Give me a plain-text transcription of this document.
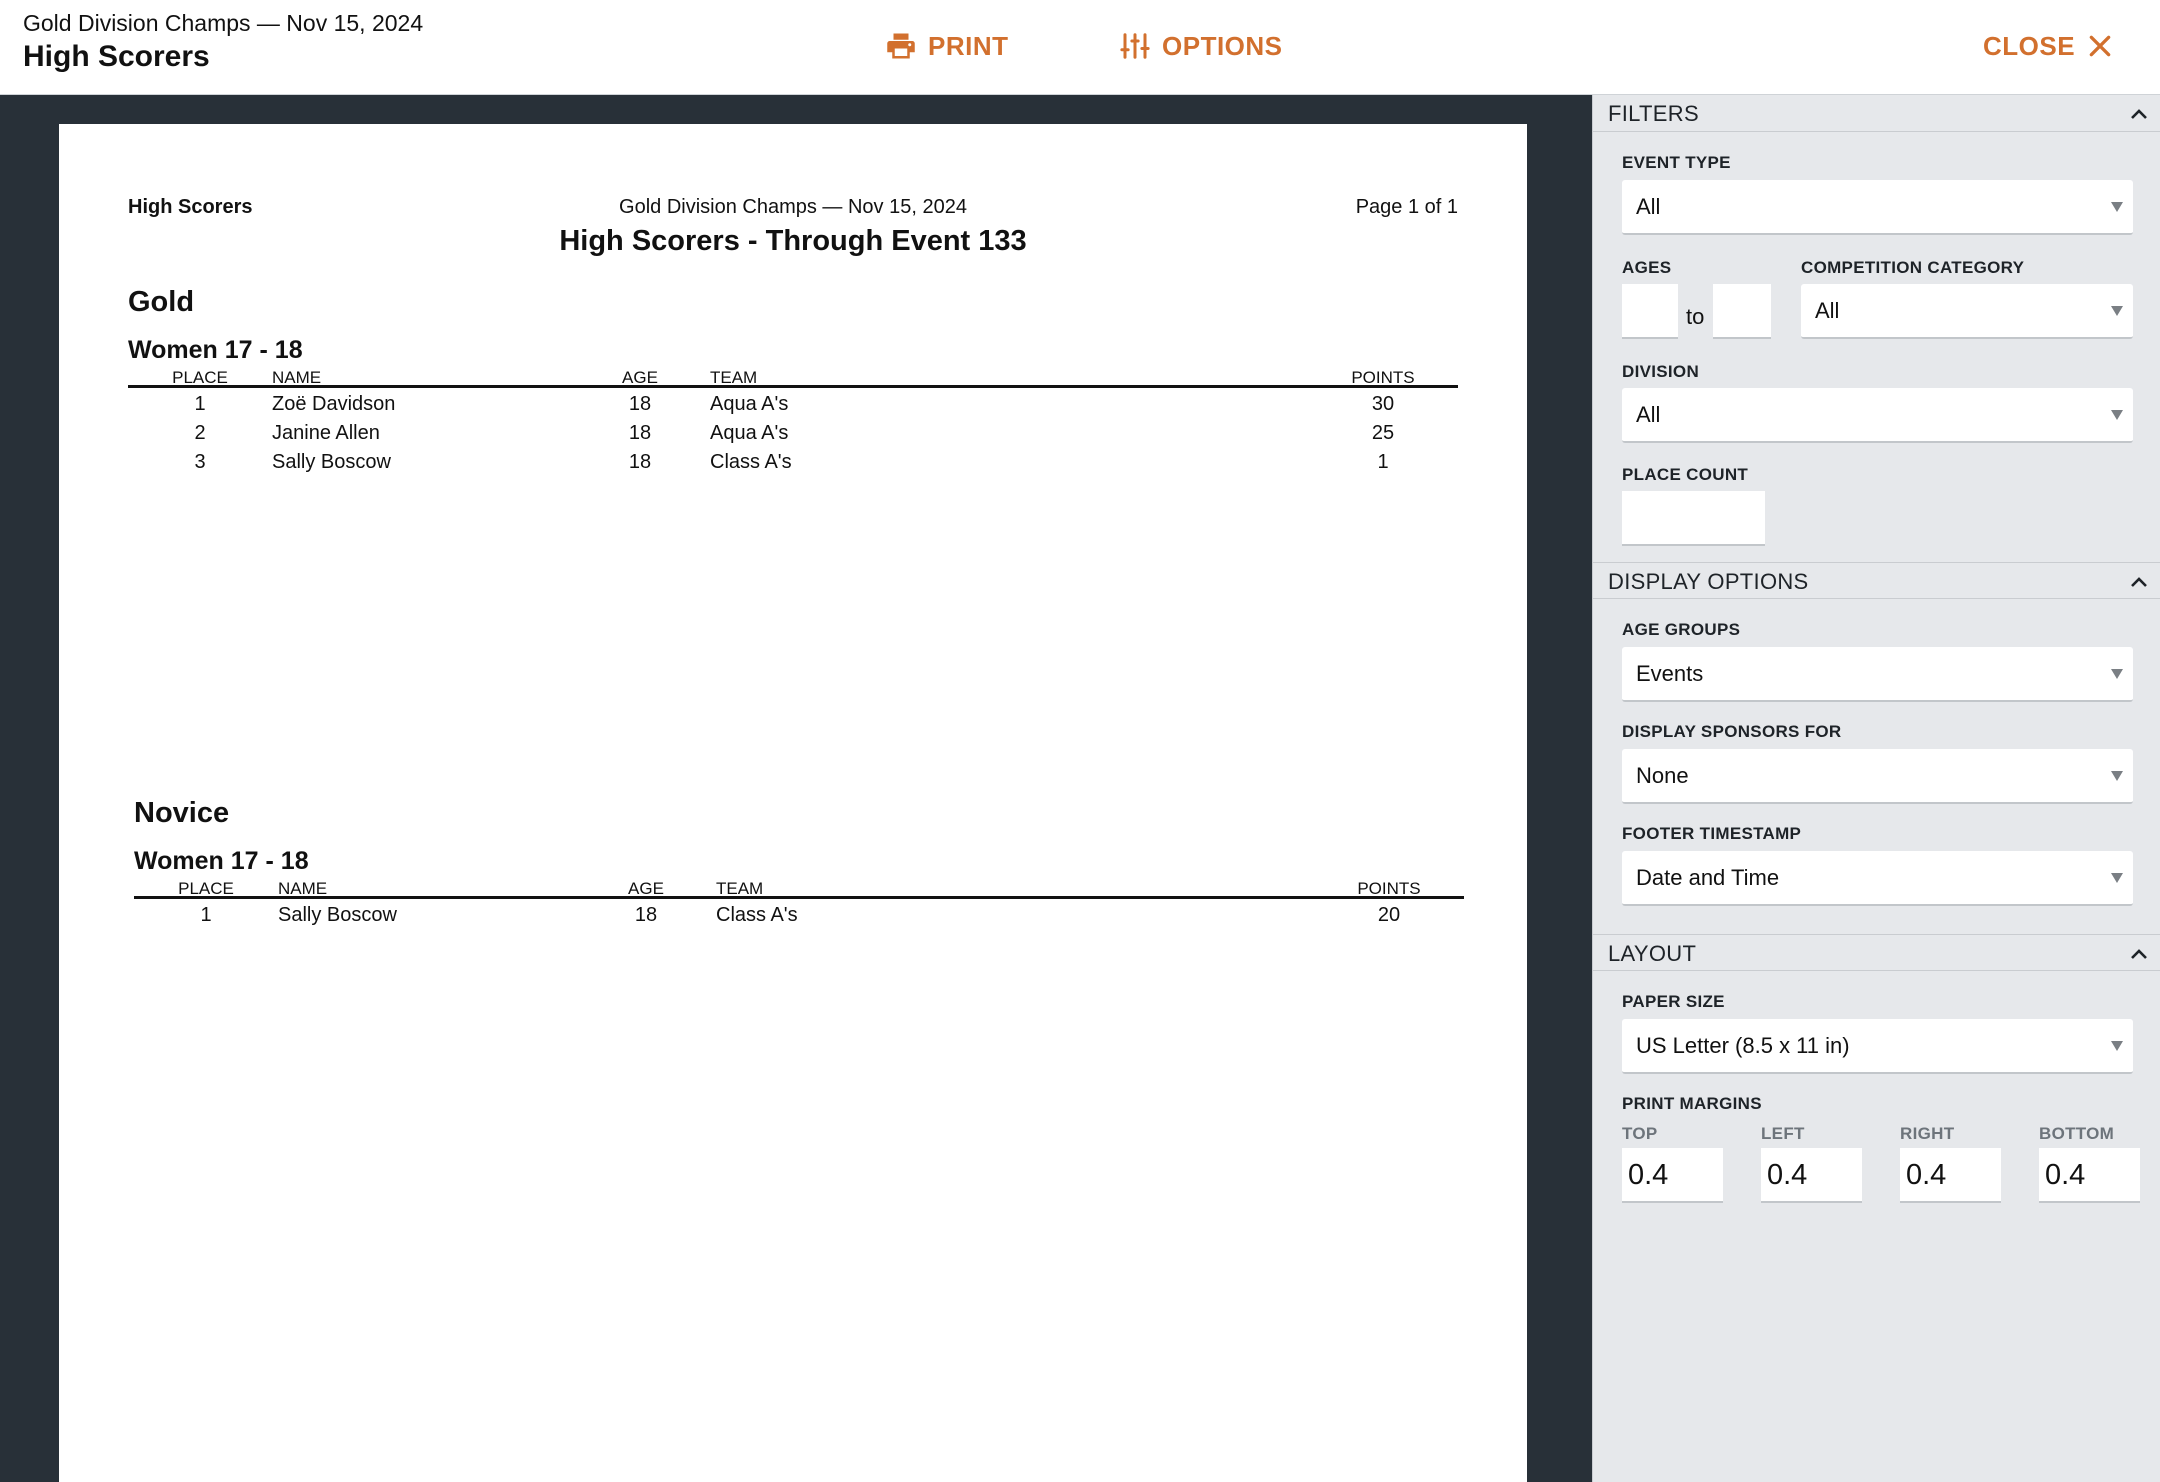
Gold Division Champs — Nov 15, 2024
High Scorers	PRINT	OPTIONS	CLOSE
High Scorers	Gold Division Champs — Nov 15, 2024	Page 1 of 1
High Scorers - Through Event 133
Gold
Women 17 - 18
PLACE	NAME	AGE	TEAM	POINTS
1	Zoë Davidson	18	Aqua A's	30
2	Janine Allen	18	Aqua A's	25
3	Sally Boscow	18	Class A's	1
Novice
Women 17 - 18
PLACE	NAME	AGE	TEAM	POINTS
1	Sally Boscow	18	Class A's	20
FILTERS
EVENT TYPE
All
AGES
to
COMPETITION CATEGORY
All
DIVISION
All
PLACE COUNT
DISPLAY OPTIONS
AGE GROUPS
Events
DISPLAY SPONSORS FOR
None
FOOTER TIMESTAMP
Date and Time
LAYOUT
PAPER SIZE
US Letter (8.5 x 11 in)
PRINT MARGINS
TOP
0.4
LEFT
0.4
RIGHT
0.4
BOTTOM
0.4
